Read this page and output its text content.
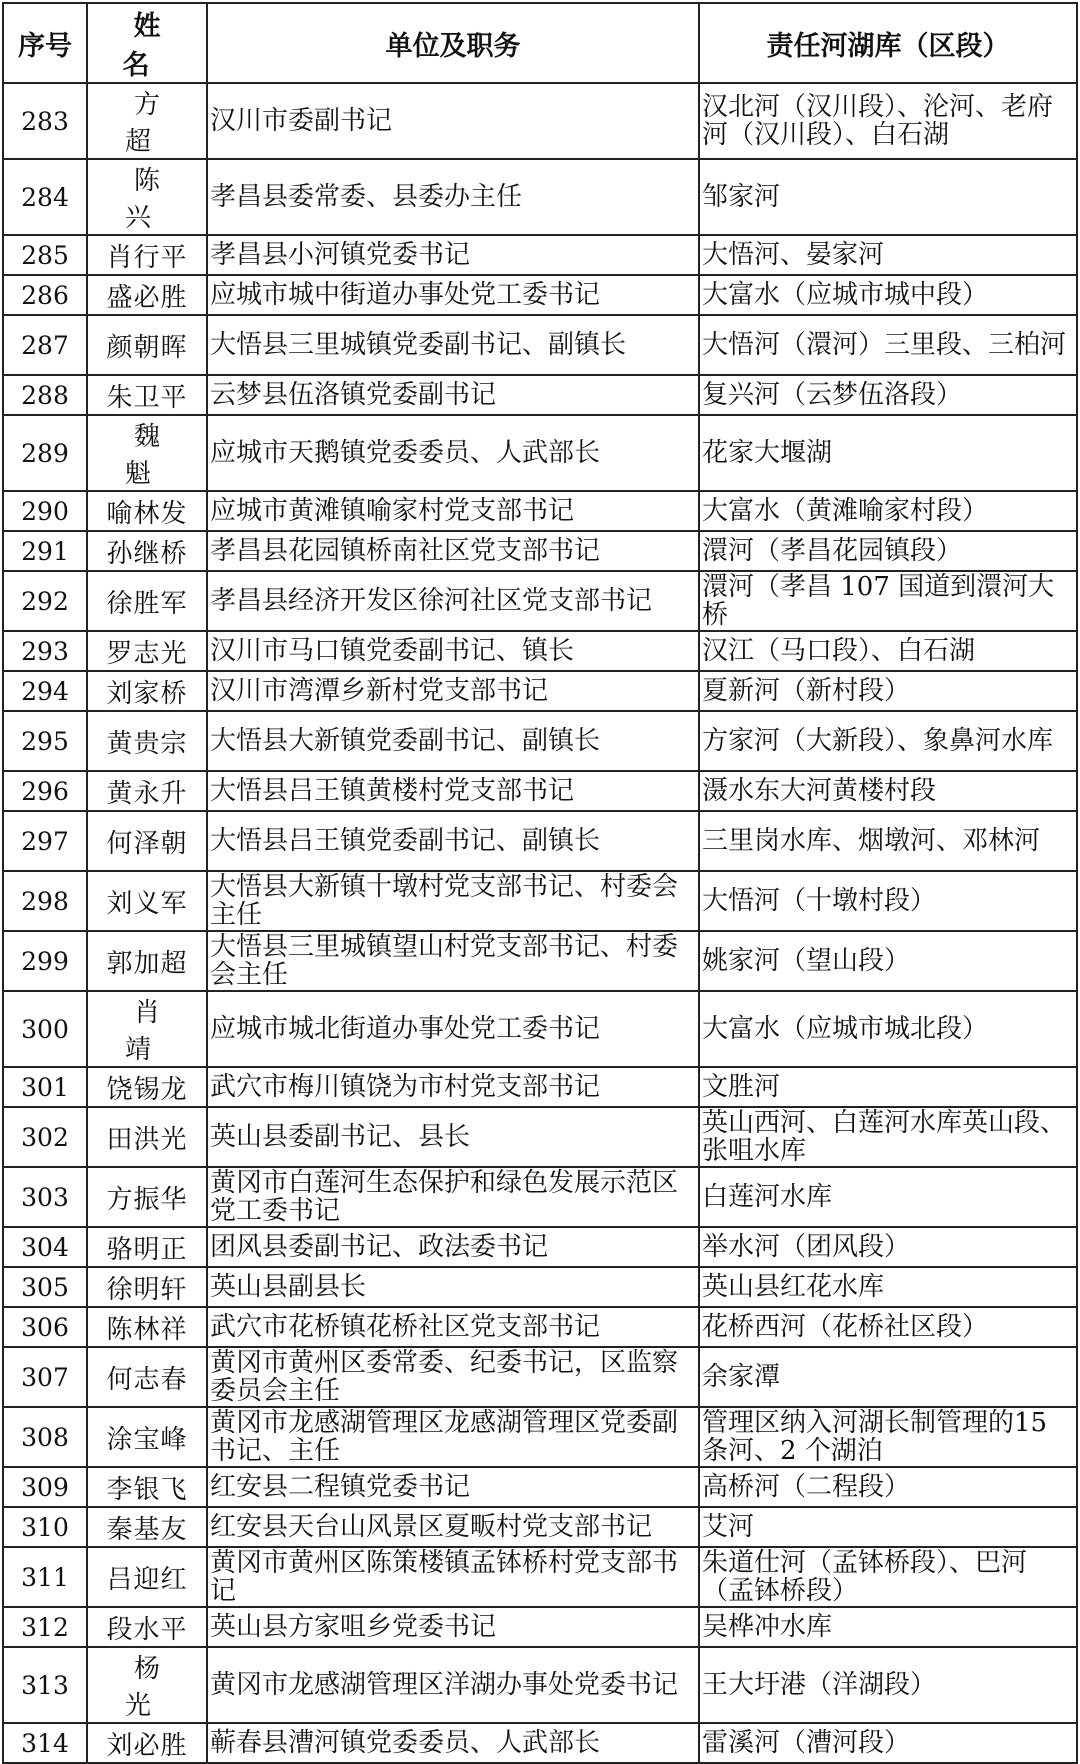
序号	姓 名	单位及职务	责任河湖库（区段）
283	方 超	汉川市委副书记	汉北河（汉川段）、沦河、老府河（汉川段）、白石湖
284	陈 兴	孝昌县委常委、县委办主任	邹家河
285	肖行平	孝昌县小河镇党委书记	大悟河、晏家河
286	盛必胜	应城市城中街道办事处党工委书记	大富水（应城市城中段）
287	颜朝晖	大悟县三里城镇党委副书记、副镇长	大悟河（澴河）三里段、三柏河
288	朱卫平	云梦县伍洛镇党委副书记	复兴河（云梦伍洛段）
289	魏 魁	应城市天鹅镇党委委员、人武部长	花家大堰湖
290	喻林发	应城市黄滩镇喻家村党支部书记	大富水（黄滩喻家村段）
291	孙继桥	孝昌县花园镇桥南社区党支部书记	澴河（孝昌花园镇段）
292	徐胜军	孝昌县经济开发区徐河社区党支部书记	澴河（孝昌 107 国道到澴河大桥
293	罗志光	汉川市马口镇党委副书记、镇长	汉江（马口段）、白石湖
294	刘家桥	汉川市湾潭乡新村党支部书记	夏新河（新村段）
295	黄贵宗	大悟县大新镇党委副书记、副镇长	方家河（大新段）、象鼻河水库
296	黄永升	大悟县吕王镇黄楼村党支部书记	滠水东大河黄楼村段
297	何泽朝	大悟县吕王镇党委副书记、副镇长	三里岗水库、烟墩河、邓林河
298	刘义军	大悟县大新镇十墩村党支部书记、村委会主任	大悟河（十墩村段）
299	郭加超	大悟县三里城镇望山村党支部书记、村委会主任	姚家河（望山段）
300	肖 靖	应城市城北街道办事处党工委书记	大富水（应城市城北段）
301	饶锡龙	武穴市梅川镇饶为市村党支部书记	文胜河
302	田洪光	英山县委副书记、县长	英山西河、白莲河水库英山段、张咀水库
303	方振华	黄冈市白莲河生态保护和绿色发展示范区党工委书记	白莲河水库
304	骆明正	团风县委副书记、政法委书记	举水河（团风段）
305	徐明轩	英山县副县长	英山县红花水库
306	陈林祥	武穴市花桥镇花桥社区党支部书记	花桥西河（花桥社区段）
307	何志春	黄冈市黄州区委常委、纪委书记，区监察委员会主任	余家潭
308	涂宝峰	黄冈市龙感湖管理区龙感湖管理区党委副书记、主任	管理区纳入河湖长制管理的15 条河、2 个湖泊
309	李银飞	红安县二程镇党委书记	高桥河（二程段）
310	秦基友	红安县天台山风景区夏畈村党支部书记	艾河
311	吕迎红	黄冈市黄州区陈策楼镇孟钵桥村党支部书记	朱道仕河（孟钵桥段）、巴河（孟钵桥段）
312	段水平	英山县方家咀乡党委书记	吴桦冲水库
313	杨 光	黄冈市龙感湖管理区洋湖办事处党委书记	王大圩港（洋湖段）
314	刘必胜	蕲春县漕河镇党委委员、人武部长	雷溪河（漕河段）
